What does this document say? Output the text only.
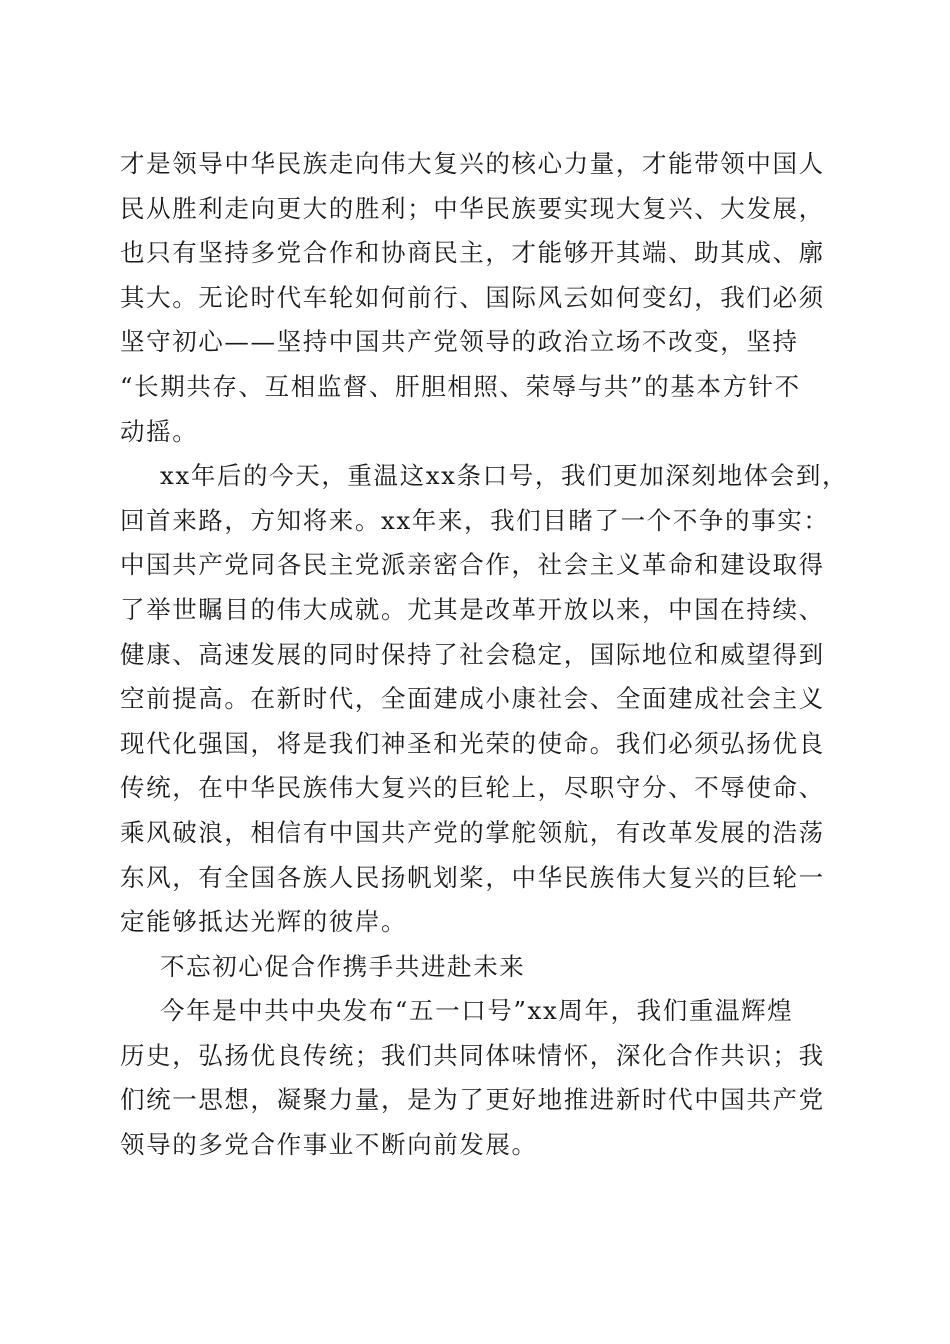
才是领导中华民族走向伟大复兴的核心力量，才能带领中国人
民从胜利走向更大的胜利；中华民族要实现大复兴、大发展，
也只有坚持多党合作和协商民主，才能够开其端、助其成、廓
其大。无论时代车轮如何前行、国际风云如何变幻，我们必须
坚守初心——坚持中国共产党领导的政治立场不改变，坚持
“长期共存、互相监督、肝胆相照、荣辱与共”的基本方针不
动摇。
xx年后的今天，重温这xx条口号，我们更加深刻地体会到，
回首来路，方知将来。xx年来，我们目睹了一个不争的事实：
中国共产党同各民主党派亲密合作，社会主义革命和建设取得
了举世瞩目的伟大成就。尤其是改革开放以来，中国在持续、
健康、高速发展的同时保持了社会稳定，国际地位和威望得到
空前提高。在新时代，全面建成小康社会、全面建成社会主义
现代化强国，将是我们神圣和光荣的使命。我们必须弘扬优良
传统，在中华民族伟大复兴的巨轮上，尽职守分、不辱使命、
乘风破浪，相信有中国共产党的掌舵领航，有改革发展的浩荡
东风，有全国各族人民扬帆划桨，中华民族伟大复兴的巨轮一
定能够抵达光辉的彼岸。
不忘初心促合作携手共进赴未来
今年是中共中央发布“五一口号”xx周年，我们重温辉煌
历史，弘扬优良传统；我们共同体味情怀，深化合作共识；我
们统一思想，凝聚力量，是为了更好地推进新时代中国共产党
领导的多党合作事业不断向前发展。
